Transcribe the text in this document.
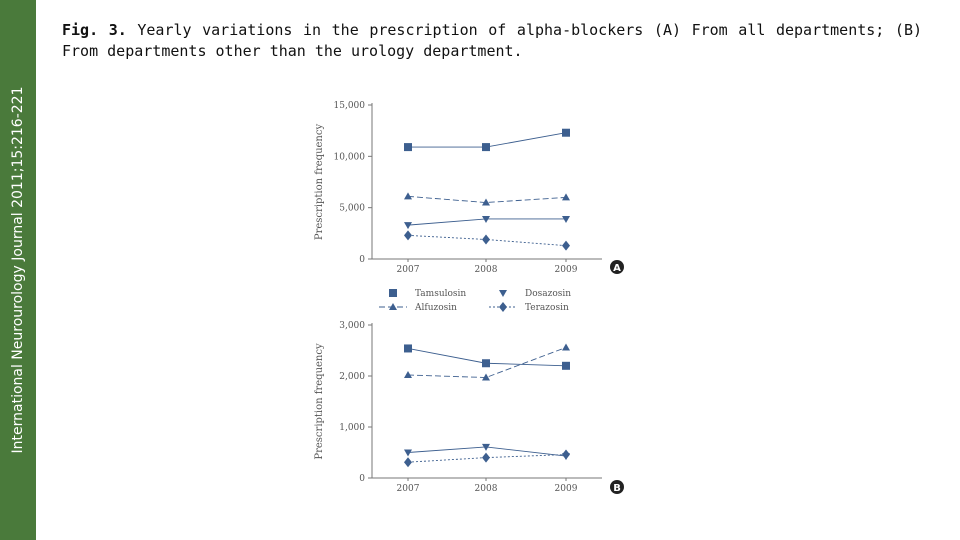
International Neurourology Journal 2011;15:216-221
Fig. 3. Yearly variations in the prescription of alpha-blockers (A) From all departments; (B) From departments other than the urology department.
15,000
10,000
5,000
0
2007	2008	2009
Prescription frequency
A
3,000
2,000
1,000
0
2007	2008	2009
Prescription frequency
B
Tamsulosin	Dosazosin
Alfuzosin	Terazosin
